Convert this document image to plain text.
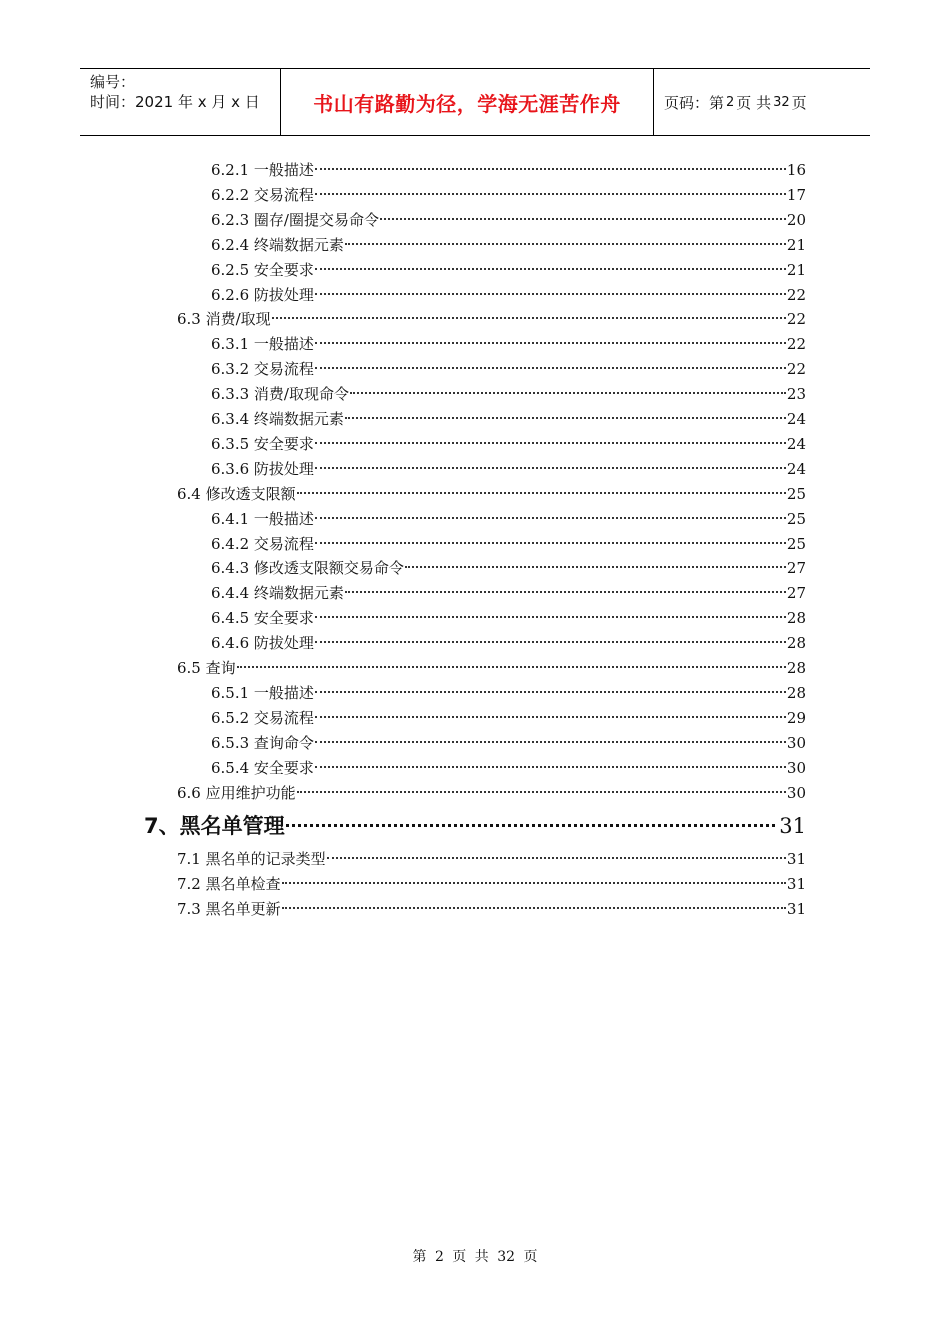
编号：
时间：2021 年 x 月 x 日	书山有路勤为径，学海无涯苦作舟	页码：第 2 页 共 32 页
6.2.1 一般描述	16
6.2.2 交易流程	17
6.2.3 圈存/圈提交易命令	20
6.2.4 终端数据元素	21
6.2.5 安全要求	21
6.2.6 防拔处理	22
6.3 消费/取现	22
6.3.1 一般描述	22
6.3.2 交易流程	22
6.3.3 消费/取现命令	23
6.3.4 终端数据元素	24
6.3.5 安全要求	24
6.3.6 防拔处理	24
6.4 修改透支限额	25
6.4.1 一般描述	25
6.4.2 交易流程	25
6.4.3 修改透支限额交易命令	27
6.4.4 终端数据元素	27
6.4.5 安全要求	28
6.4.6 防拔处理	28
6.5 查询	28
6.5.1 一般描述	28
6.5.2 交易流程	29
6.5.3 查询命令	30
6.5.4 安全要求	30
6.6 应用维护功能	30
7、黑名单管理	31
7.1 黑名单的记录类型	31
7.2 黑名单检查	31
7.3 黑名单更新	31
第 2 页 共 32 页
